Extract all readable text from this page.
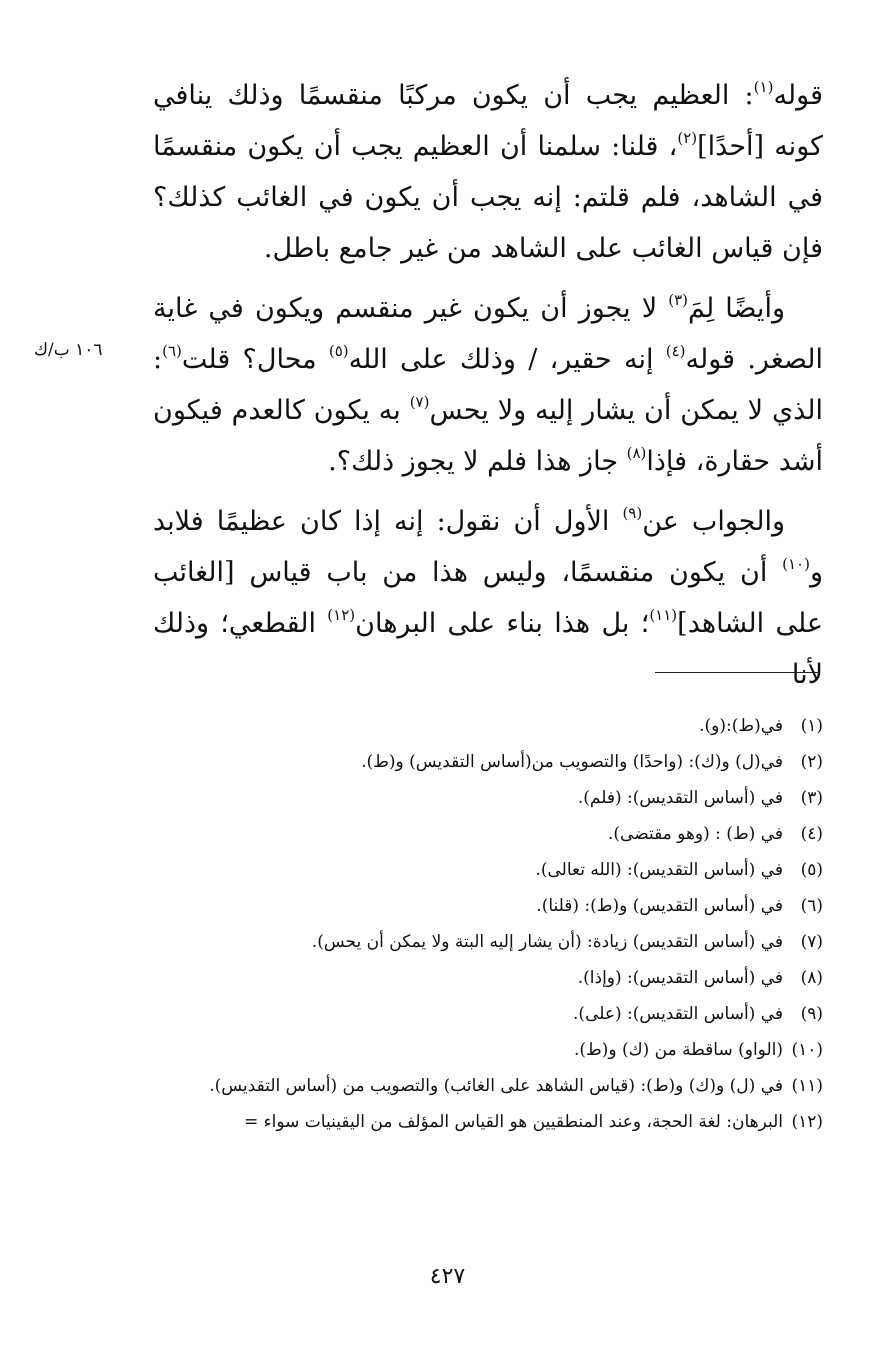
١٠٦ ب/ك

قوله$^{(١)}$: العظيم يجب أن يكون مركبًا منقسمًا وذلك ينافي كونه [أحدًا]$^{(٢)}$، قلنا: سلمنا أن العظيم يجب أن يكون منقسمًا في الشاهد، فلم قلتم: إنه يجب أن يكون في الغائب كذلك؟ فإن قياس الغائب على الشاهد من غير جامع باطل.

وأيضًا لِمَ$^{(٣)}$ لا يجوز أن يكون غير منقسم ويكون في غاية الصغر. قوله$^{(٤)}$ إنه حقير، / وذلك على الله$^{(٥)}$ محال؟ قلت$^{(٦)}$: الذي لا يمكن أن يشار إليه ولا يحس$^{(٧)}$ به يكون كالعدم فيكون أشد حقارة، فإذا$^{(٨)}$ جاز هذا فلم لا يجوز ذلك؟.

والجواب عن$^{(٩)}$ الأول أن نقول: إنه إذا كان عظيمًا فلابد و$^{(١٠)}$ أن يكون منقسمًا، وليس هذا من باب قياس [الغائب على الشاهد]$^{(١١)}$؛ بل هذا بناء على البرهان$^{(١٢)}$ القطعي؛ وذلك لأنا

(١)
في(ط):(و).
(٢)
في(ل) و(ك): (واحدًا) والتصويب من(أساس التقديس) و(ط).
(٣)
في (أساس التقديس): (فلم).
(٤)
في (ط) : (وهو مقتضى).
(٥)
في (أساس التقديس): (الله تعالى).
(٦)
في (أساس التقديس) و(ط): (قلنا).
(٧)
في (أساس التقديس) زيادة: (أن يشار إليه البتة ولا يمكن أن يحس).
(٨)
في (أساس التقديس): (وإذا).
(٩)
في (أساس التقديس): (على).
(١٠)
(الواو) ساقطة من (ك) و(ط).
(١١)
في (ل) و(ك) و(ط): (قياس الشاهد على الغائب) والتصويب من (أساس التقديس).
(١٢)
البرهان: لغة الحجة، وعند المنطقيين هو القياس المؤلف من اليقينيات سواء =
٤٢٧
